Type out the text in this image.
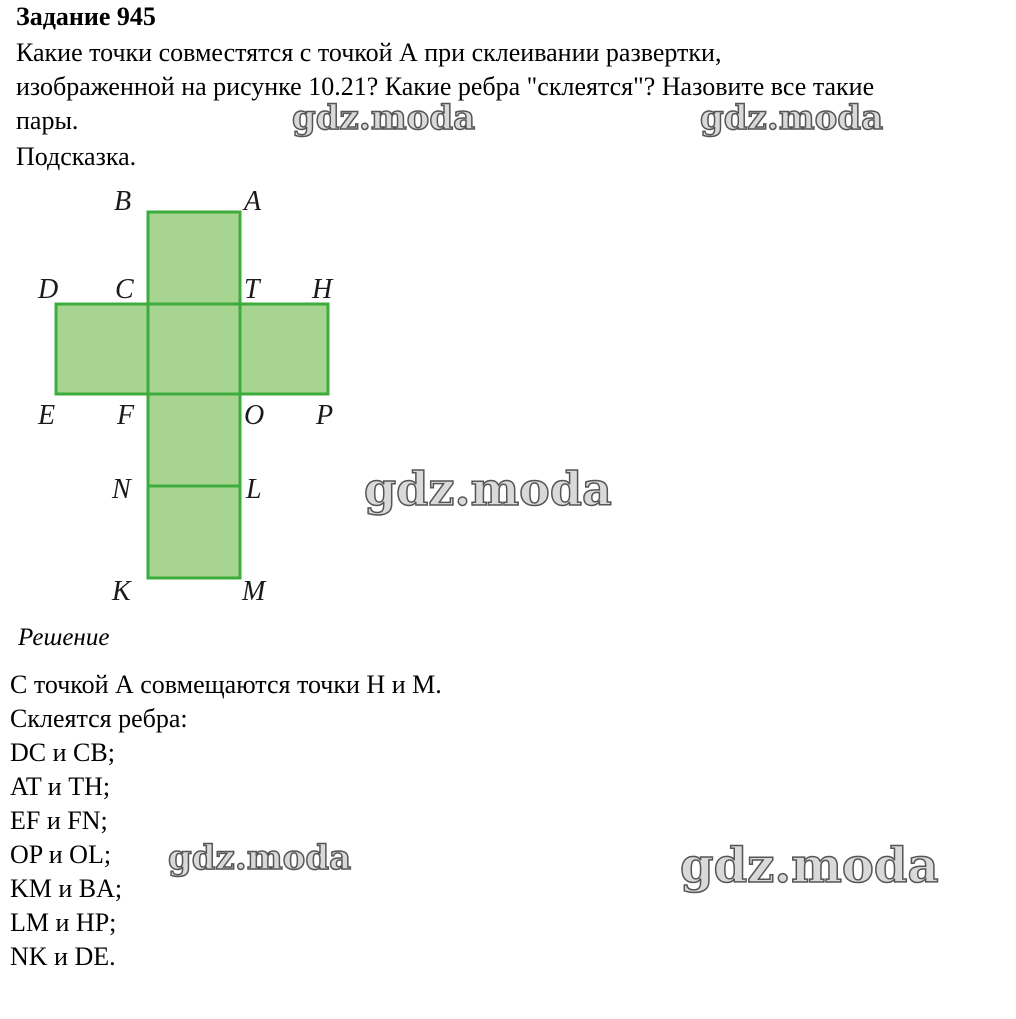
Задание 945
Какие точки совместятся с точкой А при склеивании развертки,
изображенной на рисунке 10.21? Какие ребра "склеятся"? Назовите все такие
пары.
Подсказка.
B	A
D C	T H
E F	O P
N	L
K	M
Решение
С точкой А совмещаются точки H и M.
Склеятся ребра:
DC и CB;
AT и TH;
EF и FN;
OP и OL;
KM и BA;
LM и HP;
NK и DE.
gdz.moda	gdz.moda
gdz.moda
gdz.moda	gdz.moda
